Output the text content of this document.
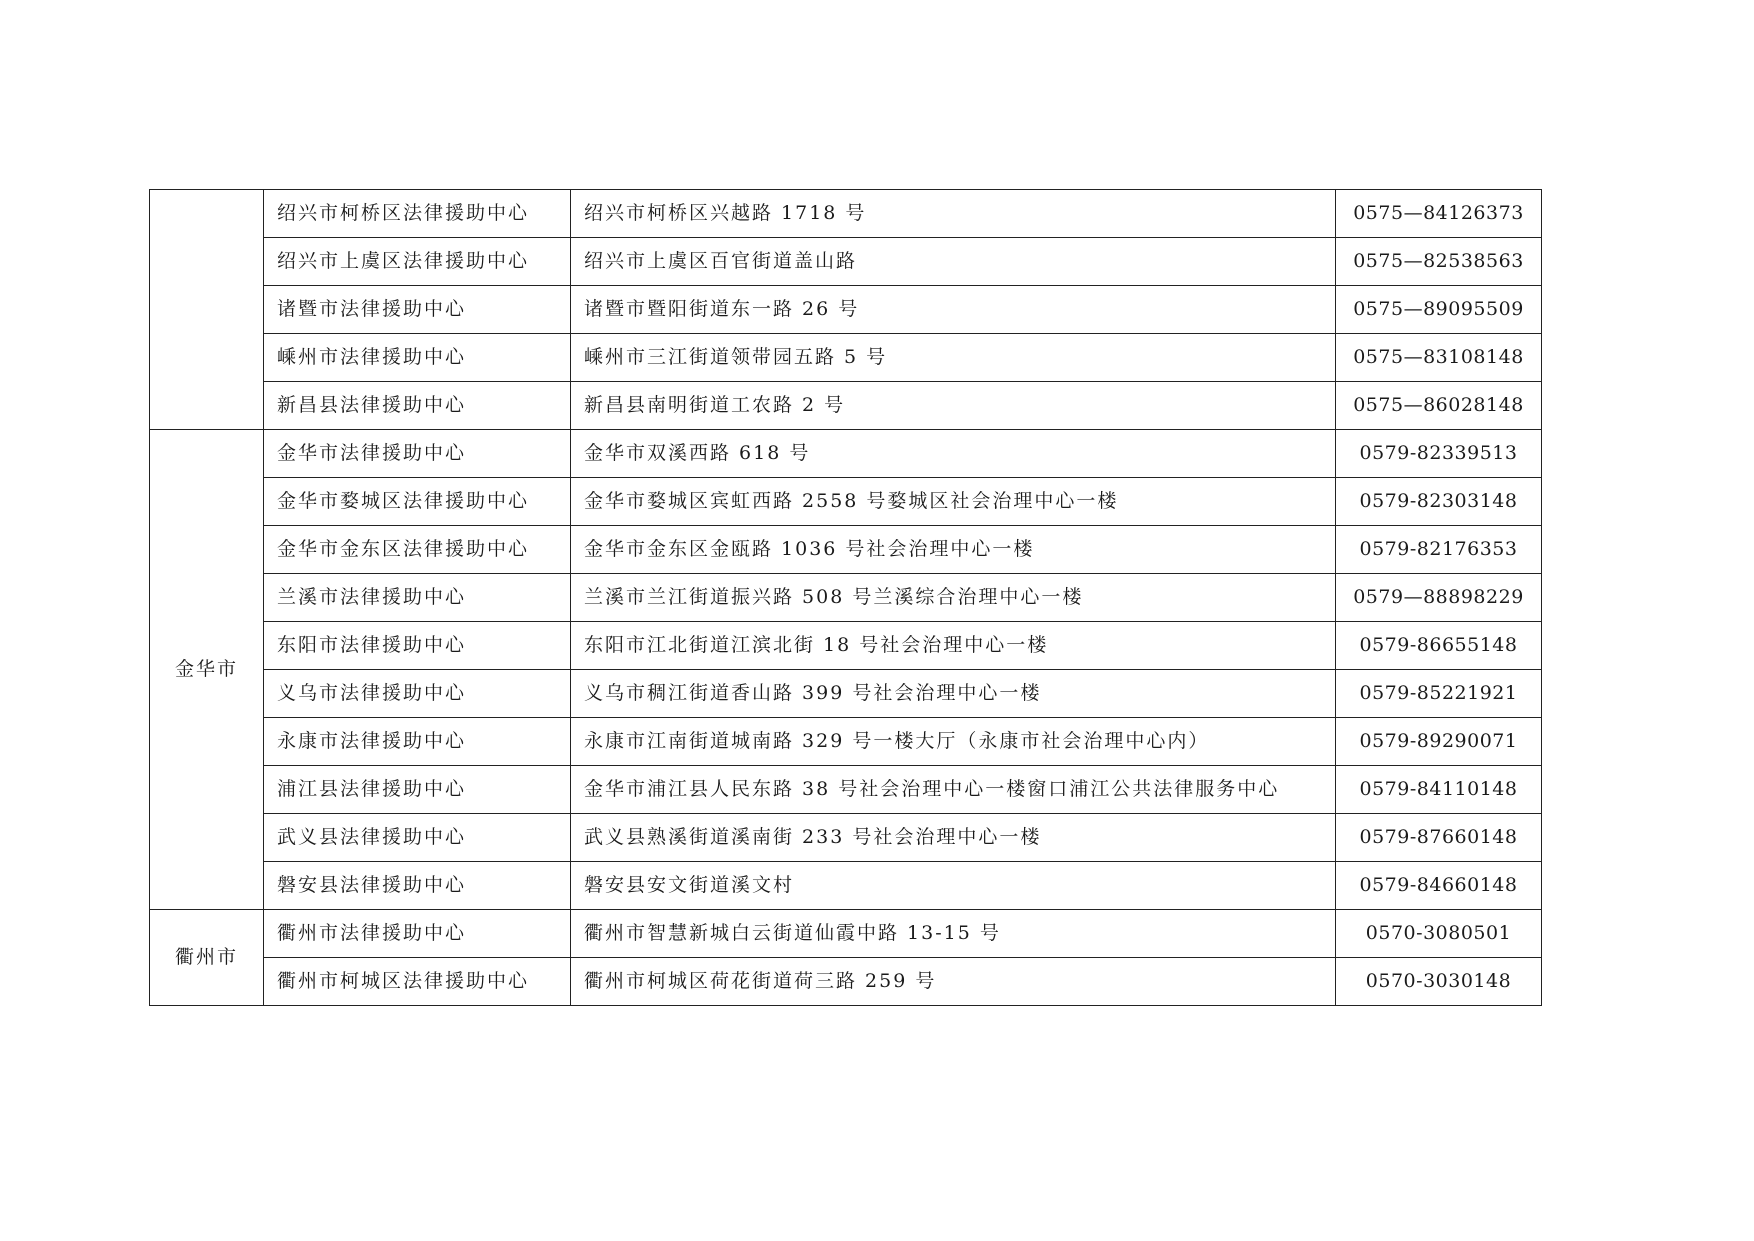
	绍兴市柯桥区法律援助中心	绍兴市柯桥区兴越路 1718 号	0575—84126373
	绍兴市上虞区法律援助中心	绍兴市上虞区百官街道盖山路	0575—82538563
	诸暨市法律援助中心	诸暨市暨阳街道东一路 26 号	0575—89095509
	嵊州市法律援助中心	嵊州市三江街道领带园五路 5 号	0575—83108148
	新昌县法律援助中心	新昌县南明街道工农路 2 号	0575—86028148
金华市	金华市法律援助中心	金华市双溪西路 618 号	0579-82339513
	金华市婺城区法律援助中心	金华市婺城区宾虹西路 2558 号婺城区社会治理中心一楼	0579-82303148
	金华市金东区法律援助中心	金华市金东区金瓯路 1036 号社会治理中心一楼	0579-82176353
	兰溪市法律援助中心	兰溪市兰江街道振兴路 508 号兰溪综合治理中心一楼	0579—88898229
	东阳市法律援助中心	东阳市江北街道江滨北街 18 号社会治理中心一楼	0579-86655148
	义乌市法律援助中心	义乌市稠江街道香山路 399 号社会治理中心一楼	0579-85221921
	永康市法律援助中心	永康市江南街道城南路 329 号一楼大厅（永康市社会治理中心内）	0579-89290071
	浦江县法律援助中心	金华市浦江县人民东路 38 号社会治理中心一楼窗口浦江公共法律服务中心	0579-84110148
	武义县法律援助中心	武义县熟溪街道溪南街 233 号社会治理中心一楼	0579-87660148
	磐安县法律援助中心	磐安县安文街道溪文村	0579-84660148
衢州市	衢州市法律援助中心	衢州市智慧新城白云街道仙霞中路 13-15 号	0570-3080501
	衢州市柯城区法律援助中心	衢州市柯城区荷花街道荷三路 259 号	0570-3030148
